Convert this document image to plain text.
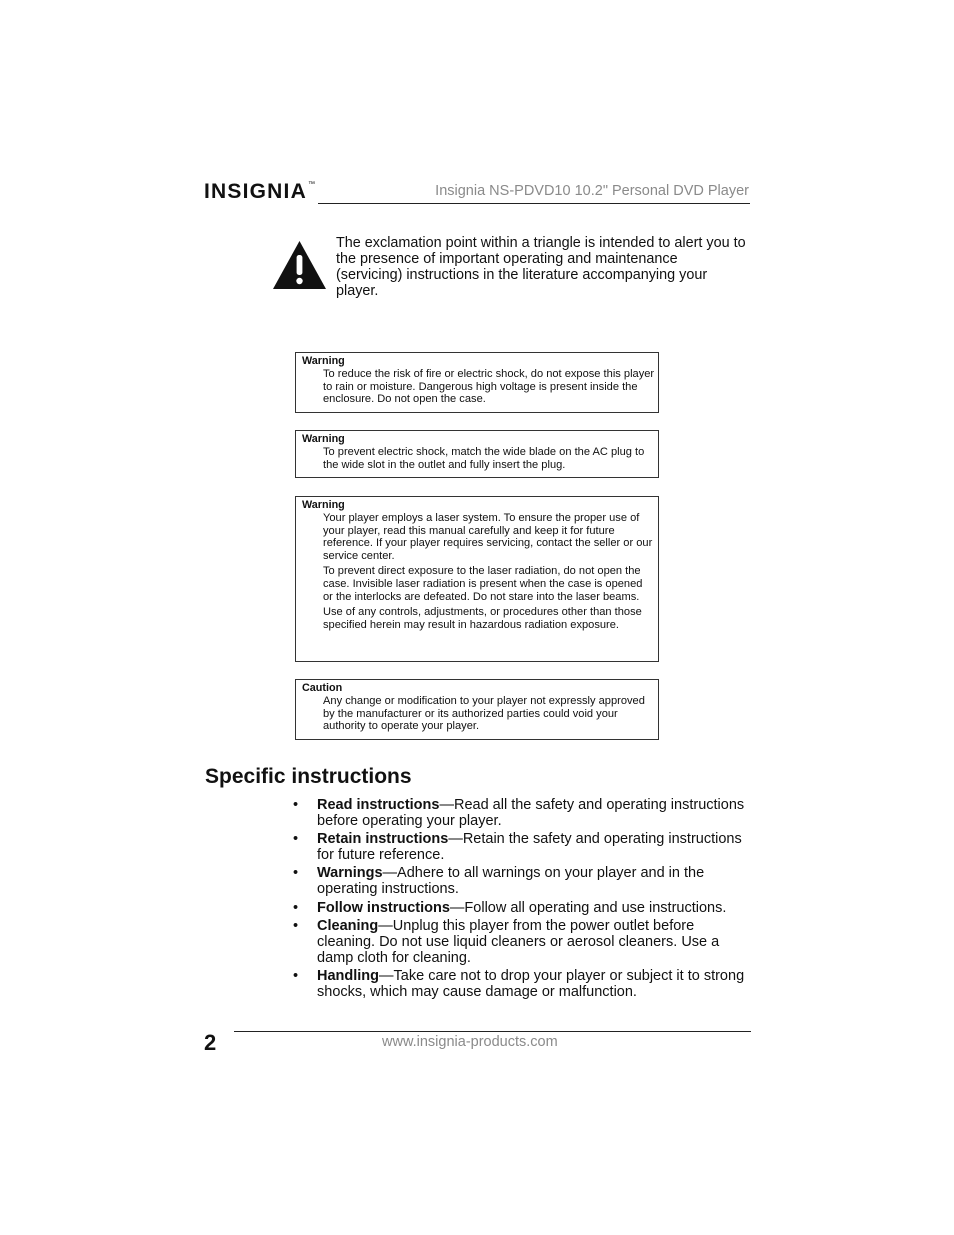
INSIGNIA™	Insignia NS-PDVD10 10.2" Personal DVD Player
The exclamation point within a triangle is intended to alert you to the presence of important operating and maintenance (servicing) instructions in the literature accompanying your player.
Warning

To reduce the risk of fire or electric shock, do not expose this player to rain or moisture. Dangerous high voltage is present inside the enclosure. Do not open the case.

Warning

To prevent electric shock, match the wide blade on the AC plug to the wide slot in the outlet and fully insert the plug.

Warning

Your player employs a laser system. To ensure the proper use of your player, read this manual carefully and keep it for future reference. If your player requires servicing, contact the seller or our service center.

To prevent direct exposure to the laser radiation, do not open the case. Invisible laser radiation is present when the case is opened or the interlocks are defeated. Do not stare into the laser beams.

Use of any controls, adjustments, or procedures other than those specified herein may result in hazardous radiation exposure.

Caution

Any change or modification to your player not expressly approved by the manufacturer or its authorized parties could void your authority to operate your player.

Specific instructions
• Read instructions—Read all the safety and operating instructions before operating your player.
• Retain instructions—Retain the safety and operating instructions for future reference.
• Warnings—Adhere to all warnings on your player and in the operating instructions.
• Follow instructions—Follow all operating and use instructions.
• Cleaning—Unplug this player from the power outlet before cleaning. Do not use liquid cleaners or aerosol cleaners. Use a damp cloth for cleaning.
• Handling—Take care not to drop your player or subject it to strong shocks, which may cause damage or malfunction.
2	www.insignia-products.com
